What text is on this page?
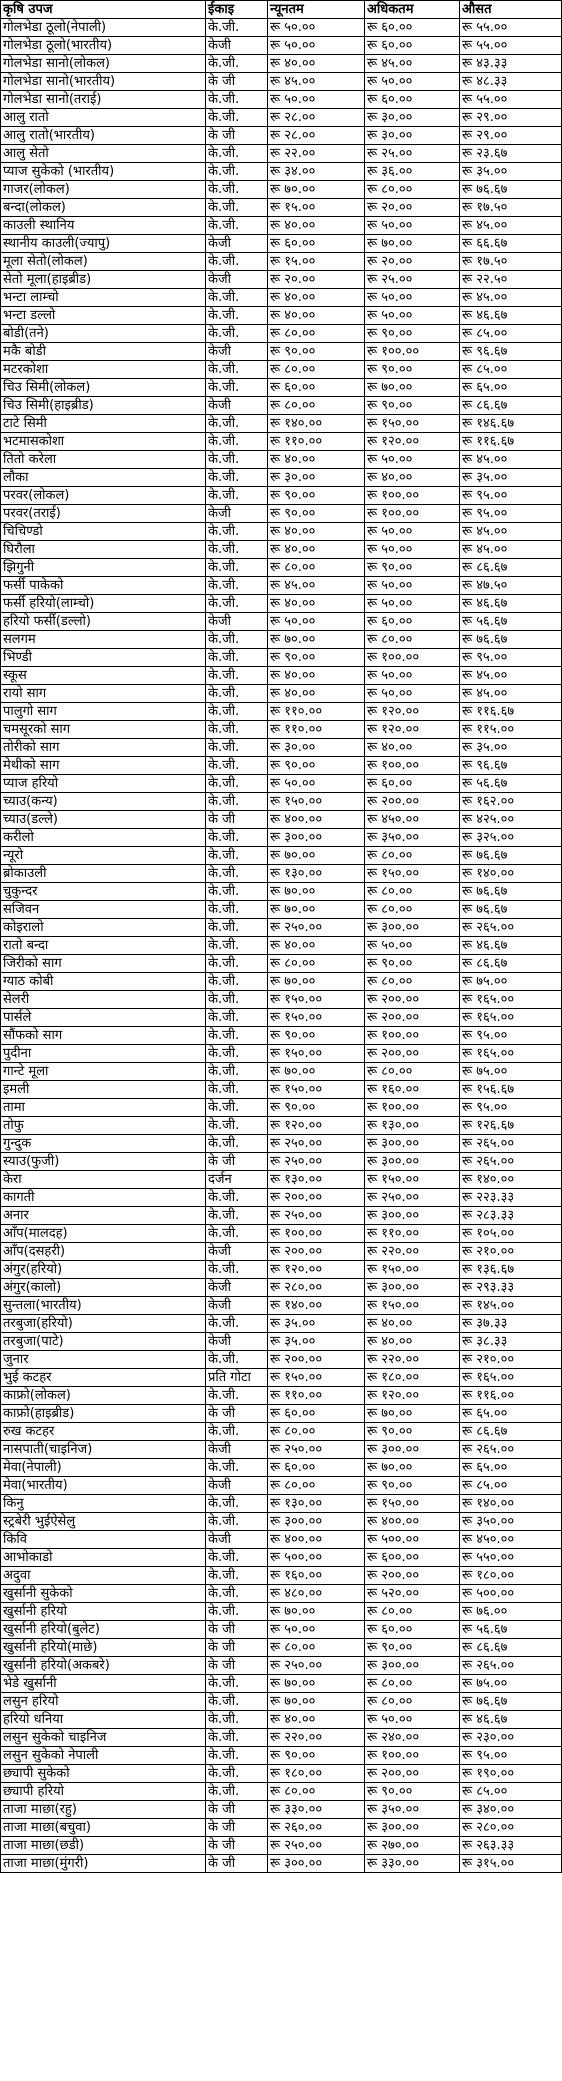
कृषि उपज	ईकाइ	न्यूनतम	अधिकतम	औसत
गोलभेडा ठूलो(नेपाली)	के.जी.	रू ५०.००	रू ६०.००	रू ५५.००
गोलभेडा ठूलो(भारतीय)	केजी	रू ५०.००	रू ६०.००	रू ५५.००
गोलभेडा सानो(लोकल)	के.जी.	रू ४०.००	रू ४५.००	रू ४३.३३
गोलभेडा सानो(भारतीय)	के जी	रू ४५.००	रू ५०.००	रू ४८.३३
गोलभेडा सानो(तराई)	के.जी.	रू ५०.००	रू ६०.००	रू ५५.००
आलु रातो	के.जी.	रू २८.००	रू ३०.००	रू २९.००
आलु रातो(भारतीय)	के जी	रू २८.००	रू ३०.००	रू २९.००
आलु सेतो	के.जी.	रू २२.००	रू २५.००	रू २३.६७
प्याज सुकेको (भारतीय)	के.जी.	रू ३४.००	रू ३६.००	रू ३५.००
गाजर(लोकल)	के.जी.	रू ७०.००	रू ८०.००	रू ७६.६७
बन्दा(लोकल)	के.जी.	रू १५.००	रू २०.००	रू १७.५०
काउली स्थानिय	के.जी.	रू ४०.००	रू ५०.००	रू ४५.००
स्थानीय काउली(ज्यापु)	केजी	रू ६०.००	रू ७०.००	रू ६६.६७
मूला सेतो(लोकल)	के.जी.	रू १५.००	रू २०.००	रू १७.५०
सेतो मूला(हाइब्रीड)	केजी	रू २०.००	रू २५.००	रू २२.५०
भन्टा लाम्चो	के.जी.	रू ४०.००	रू ५०.००	रू ४५.००
भन्टा डल्लो	के.जी.	रू ४०.००	रू ५०.००	रू ४६.६७
बोडी(तने)	के.जी.	रू ८०.००	रू ९०.००	रू ८५.००
मकै बोडी	केजी	रू ९०.००	रू १००.००	रू ९६.६७
मटरकोशा	के.जी.	रू ८०.००	रू ९०.००	रू ८५.००
चिउ सिमी(लोकल)	के.जी.	रू ६०.००	रू ७०.००	रू ६५.००
चिउ सिमी(हाइब्रीड)	केजी	रू ८०.००	रू ९०.००	रू ८६.६७
टाटे सिमी	के.जी.	रू १४०.००	रू १५०.००	रू १४६.६७
भटमासकोशा	के.जी.	रू ११०.००	रू १२०.००	रू ११६.६७
तितो करेला	के.जी.	रू ४०.००	रू ५०.००	रू ४५.००
लौका	के.जी.	रू ३०.००	रू ४०.००	रू ३५.००
परवर(लोकल)	के.जी.	रू ९०.००	रू १००.००	रू ९५.००
परवर(तराई)	केजी	रू ९०.००	रू १००.००	रू ९५.००
चिचिण्डो	के.जी.	रू ४०.००	रू ५०.००	रू ४५.००
घिरौला	के.जी.	रू ४०.००	रू ५०.००	रू ४५.००
झिगुनी	के.जी.	रू ८०.००	रू ९०.००	रू ८६.६७
फर्सी पाकेको	के.जी.	रू ४५.००	रू ५०.००	रू ४७.५०
फर्सी हरियो(लाम्चो)	के.जी.	रू ४०.००	रू ५०.००	रू ४६.६७
हरियो फर्सी(डल्लो)	केजी	रू ५०.००	रू ६०.००	रू ५६.६७
सलगम	के.जी.	रू ७०.००	रू ८०.००	रू ७६.६७
भिण्डी	के.जी.	रू ९०.००	रू १००.००	रू ९५.००
स्कूस	के.जी.	रू ४०.००	रू ५०.००	रू ४५.००
रायो साग	के.जी.	रू ४०.००	रू ५०.००	रू ४५.००
पालुगो साग	के.जी.	रू ११०.००	रू १२०.००	रू ११६.६७
चमसूरको साग	के.जी.	रू ११०.००	रू १२०.००	रू ११५.००
तोरीको साग	के.जी.	रू ३०.००	रू ४०.००	रू ३५.००
मेथीको साग	के.जी.	रू ९०.००	रू १००.००	रू ९६.६७
प्याज हरियो	के.जी.	रू ५०.००	रू ६०.००	रू ५६.६७
च्याउ(कन्य)	के.जी.	रू १५०.००	रू २००.००	रू १६२.००
च्याउ(डल्ले)	के जी	रू ४००.००	रू ४५०.००	रू ४२५.००
करीलो	के.जी.	रू ३००.००	रू ३५०.००	रू ३२५.००
न्यूरो	के.जी.	रू ७०.००	रू ८०.००	रू ७६.६७
ब्रोकाउली	के.जी.	रू १३०.००	रू १५०.००	रू १४०.००
चुकुन्दर	के.जी.	रू ७०.००	रू ८०.००	रू ७६.६७
सजिवन	के.जी.	रू ७०.००	रू ८०.००	रू ७६.६७
कोइरालो	के.जी.	रू २५०.००	रू ३००.००	रू २६५.००
रातो बन्दा	के.जी.	रू ४०.००	रू ५०.००	रू ४६.६७
जिरीको साग	के.जी.	रू ८०.००	रू ९०.००	रू ८६.६७
ग्याठ कोबी	के.जी.	रू ७०.००	रू ८०.००	रू ७५.००
सेलरी	के.जी.	रू १५०.००	रू २००.००	रू १६५.००
पार्सले	के.जी.	रू १५०.००	रू २००.००	रू १६५.००
सौंफको साग	के.जी.	रू ९०.००	रू १००.००	रू ९५.००
पुदीना	के.जी.	रू १५०.००	रू २००.००	रू १६५.००
गान्टे मूला	के.जी.	रू ७०.००	रू ८०.००	रू ७५.००
इमली	के.जी.	रू १५०.००	रू १६०.००	रू १५६.६७
तामा	के.जी.	रू ९०.००	रू १००.००	रू ९५.००
तोफु	के.जी.	रू १२०.००	रू १३०.००	रू १२६.६७
गुन्दुक	के.जी.	रू २५०.००	रू ३००.००	रू २६५.००
स्याउ(फुजी)	के जी	रू २५०.००	रू ३००.००	रू २६५.००
केरा	दर्जन	रू १३०.००	रू १५०.००	रू १४०.००
कागती	के.जी.	रू २००.००	रू २५०.००	रू २२३.३३
अनार	के.जी.	रू २५०.००	रू ३००.००	रू २८३.३३
आँप(मालदह)	के.जी.	रू १००.००	रू ११०.००	रू १०५.००
आँप(दसहरी)	केजी	रू २००.००	रू २२०.००	रू २१०.००
अंगुर(हरियो)	के.जी.	रू १२०.००	रू १५०.००	रू १३६.६७
अंगुर(कालो)	केजी	रू २८०.००	रू ३००.००	रू २९३.३३
सुन्तला(भारतीय)	केजी	रू १४०.००	रू १५०.००	रू १४५.००
तरबुजा(हरियो)	के.जी.	रू ३५.००	रू ४०.००	रू ३७.३३
तरबुजा(पाटे)	केजी	रू ३५.००	रू ४०.००	रू ३८.३३
जुनार	के.जी.	रू २००.००	रू २२०.००	रू २१०.००
भुई कटहर	प्रति गोटा	रू १५०.००	रू १८०.००	रू १६५.००
काफ्रो(लोकल)	के.जी.	रू ११०.००	रू १२०.००	रू ११६.००
काफ्रो(हाइब्रीड)	के जी	रू ६०.००	रू ७०.००	रू ६५.००
रुख कटहर	के.जी.	रू ८०.००	रू ९०.००	रू ८६.६७
नासपाती(चाइनिज)	केजी	रू २५०.००	रू ३००.००	रू २६५.००
मेवा(नेपाली)	के.जी.	रू ६०.००	रू ७०.००	रू ६५.००
मेवा(भारतीय)	केजी	रू ८०.००	रू ९०.००	रू ८५.००
किनु	के.जी.	रू १३०.००	रू १५०.००	रू १४०.००
स्ट्रबेरी भुईऐसेलु	के.जी.	रू ३००.००	रू ४००.००	रू ३५०.००
किवि	केजी	रू ४००.००	रू ५००.००	रू ४५०.००
आभोकाडो	के.जी.	रू ५००.००	रू ६००.००	रू ५५०.००
अदुवा	के.जी.	रू १६०.००	रू २००.००	रू १८०.००
खुर्सानी सुकेको	के.जी.	रू ४८०.००	रू ५२०.००	रू ५००.००
खुर्सानी हरियो	के.जी.	रू ७०.००	रू ८०.००	रू ७६.००
खुर्सानी हरियो(बुलेट)	के जी	रू ५०.००	रू ६०.००	रू ५६.६७
खुर्सानी हरियो(माछे)	के जी	रू ८०.००	रू ९०.००	रू ८६.६७
खुर्सानी हरियो(अकबरे)	के जी	रू २५०.००	रू ३००.००	रू २६५.००
भेडे खुर्सानी	के.जी.	रू ७०.००	रू ८०.००	रू ७५.००
लसुन हरियो	के.जी.	रू ७०.००	रू ८०.००	रू ७६.६७
हरियो धनिया	के.जी.	रू ४०.००	रू ५०.००	रू ४६.६७
लसुन सुकेको चाइनिज	के.जी.	रू २२०.००	रू २४०.००	रू २३०.००
लसुन सुकेको नेपाली	के.जी.	रू ९०.००	रू १००.००	रू ९५.००
छ्यापी सुकेको	के.जी.	रू १८०.००	रू २००.००	रू १९०.००
छ्यापी हरियो	के.जी.	रू ८०.००	रू ९०.००	रू ८५.००
ताजा माछा(रहु)	के जी	रू ३३०.००	रू ३५०.००	रू ३४०.००
ताजा माछा(बचुवा)	के जी	रू २६०.००	रू ३००.००	रू २८०.००
ताजा माछा(छडी)	के जी	रू २५०.००	रू २७०.००	रू २६३.३३
ताजा माछा(मुंगरी)	के जी	रू ३००.००	रू ३३०.००	रू ३१५.००
